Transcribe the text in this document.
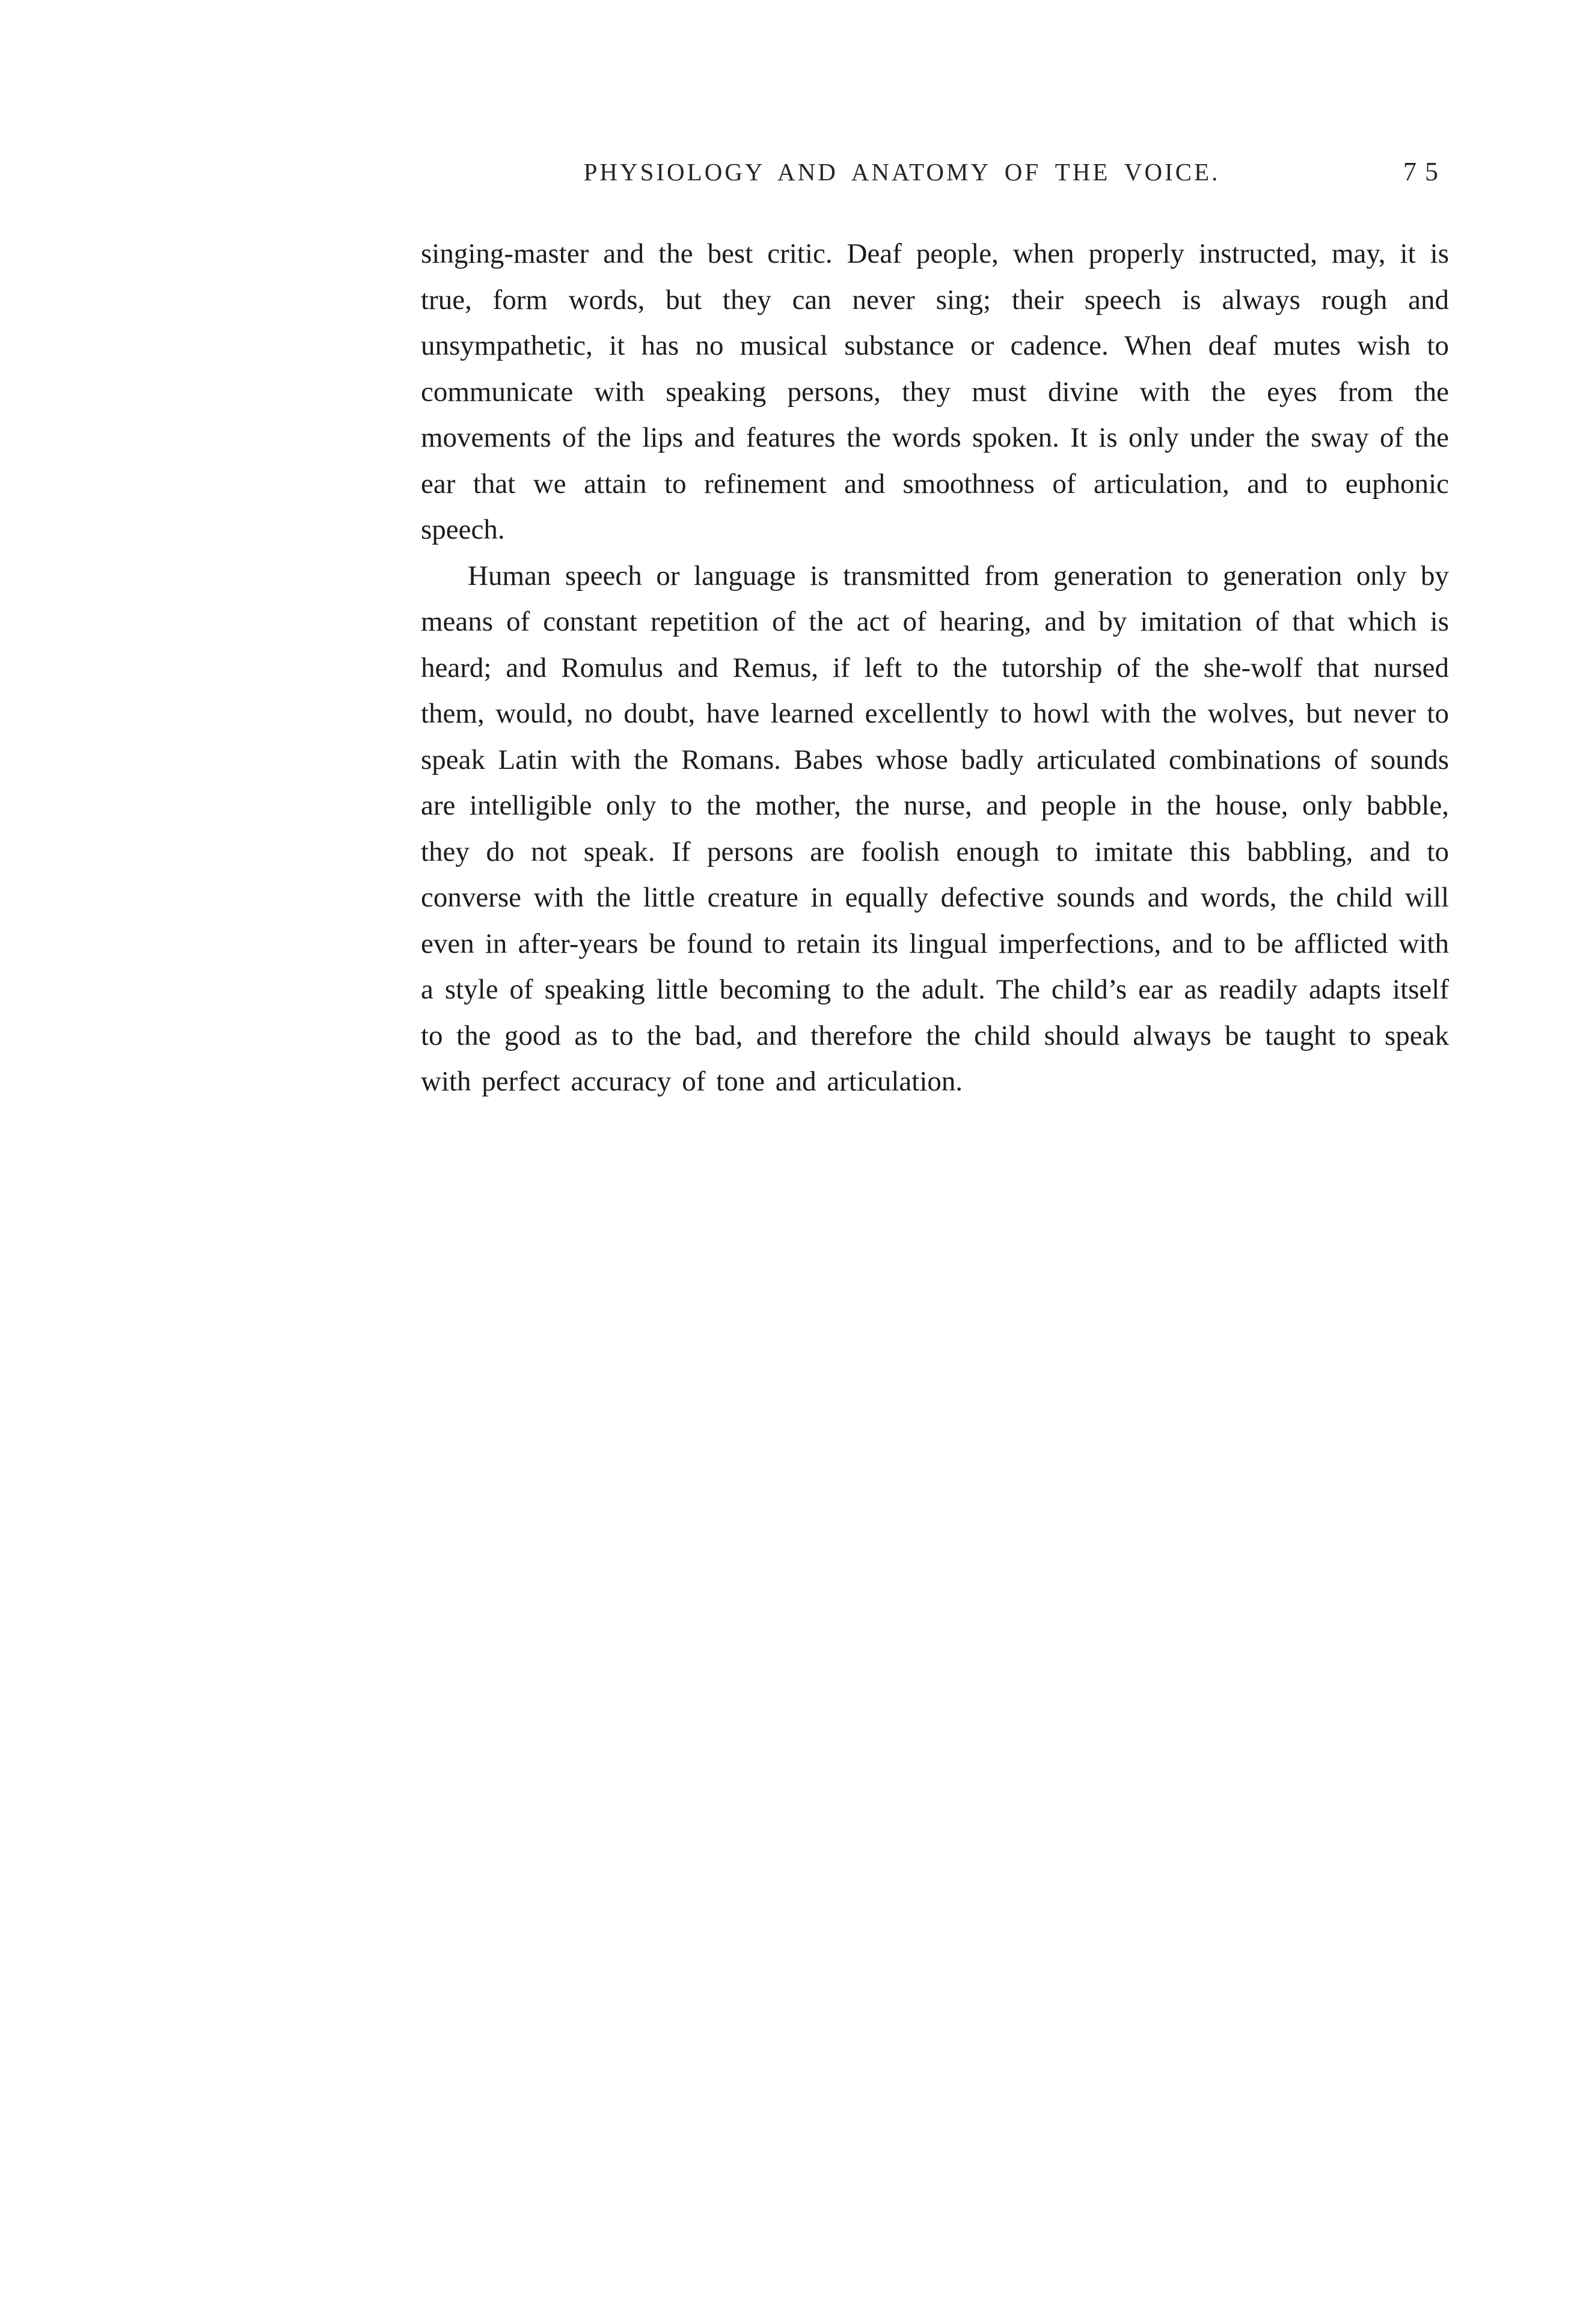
PHYSIOLOGY AND ANATOMY OF THE VOICE.	75

singing-master and the best critic. Deaf people, when properly instructed, may, it is true, form words, but they can never sing; their speech is always rough and unsympathetic, it has no musical substance or cadence. When deaf mutes wish to communicate with speaking persons, they must divine with the eyes from the movements of the lips and features the words spoken. It is only under the sway of the ear that we attain to refinement and smoothness of articulation, and to euphonic speech.

Human speech or language is transmitted from generation to generation only by means of constant repetition of the act of hearing, and by imitation of that which is heard; and Romulus and Remus, if left to the tutorship of the she-wolf that nursed them, would, no doubt, have learned excellently to howl with the wolves, but never to speak Latin with the Romans. Babes whose badly articulated combinations of sounds are intelligible only to the mother, the nurse, and people in the house, only babble, they do not speak. If persons are foolish enough to imitate this babbling, and to converse with the little creature in equally defective sounds and words, the child will even in after-years be found to retain its lingual imperfections, and to be afflicted with a style of speaking little becoming to the adult. The child’s ear as readily adapts itself to the good as to the bad, and therefore the child should always be taught to speak with perfect accuracy of tone and articulation.
